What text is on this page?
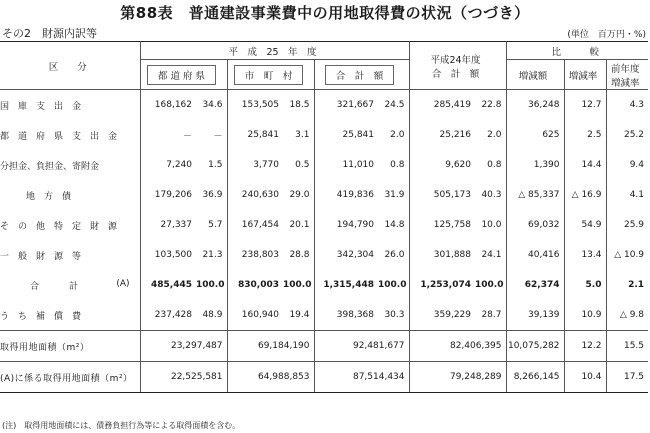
第88表　普通建設事業費中の用地取得費の状況（つづき）
その2　財源内訳等	(単位　百万円・%)
区　　分	平　成　25　年　度						平成24年度
合　計　額		比　　　較		
	都 道 府 県		市　町　村		合　計　額				増減額	増減率	前年度
増減率

国庫支出金	168,162	34.6	153,505	18.5	321,667	24.5	285,419	22.8	36,248	12.7	4.3

都道府県支出金	－	－	25,841	3.1	25,841	2.0	25,216	2.0	625	2.5	25.2

分担金、負担金、寄附金	7,240	1.5	3,770	0.5	11,010	0.8	9,620	0.8	1,390	14.4	9.4

地方債	179,206	36.9	240,630	29.0	419,836	31.9	505,173	40.3	△ 85,337	△ 16.9	4.1

その他特定財源	27,337	5.7	167,454	20.1	194,790	14.8	125,758	10.0	69,032	54.9	25.9

一般財源等	103,500	21.3	238,803	28.8	342,304	26.0	301,888	24.1	40,416	13.4	△ 10.9

合計 (A)	485,445	100.0	830,003	100.0	1,315,448	100.0	1,253,074	100.0	62,374	5.0	2.1

うち補償費	237,428	48.9	160,940	19.4	398,368	30.3	359,229	28.7	39,139	10.9	△ 9.8
取得用地面積（m²）	23,297,487		69,184,190		92,481,677		82,406,395		10,075,282	12.2	15.5
(A)に係る取得用地面積（m²）	22,525,581		64,988,853		87,514,434		79,248,289		8,266,145	10.4	17.5
(注)　取得用地面積には、債務負担行為等による取得面積を含む。
